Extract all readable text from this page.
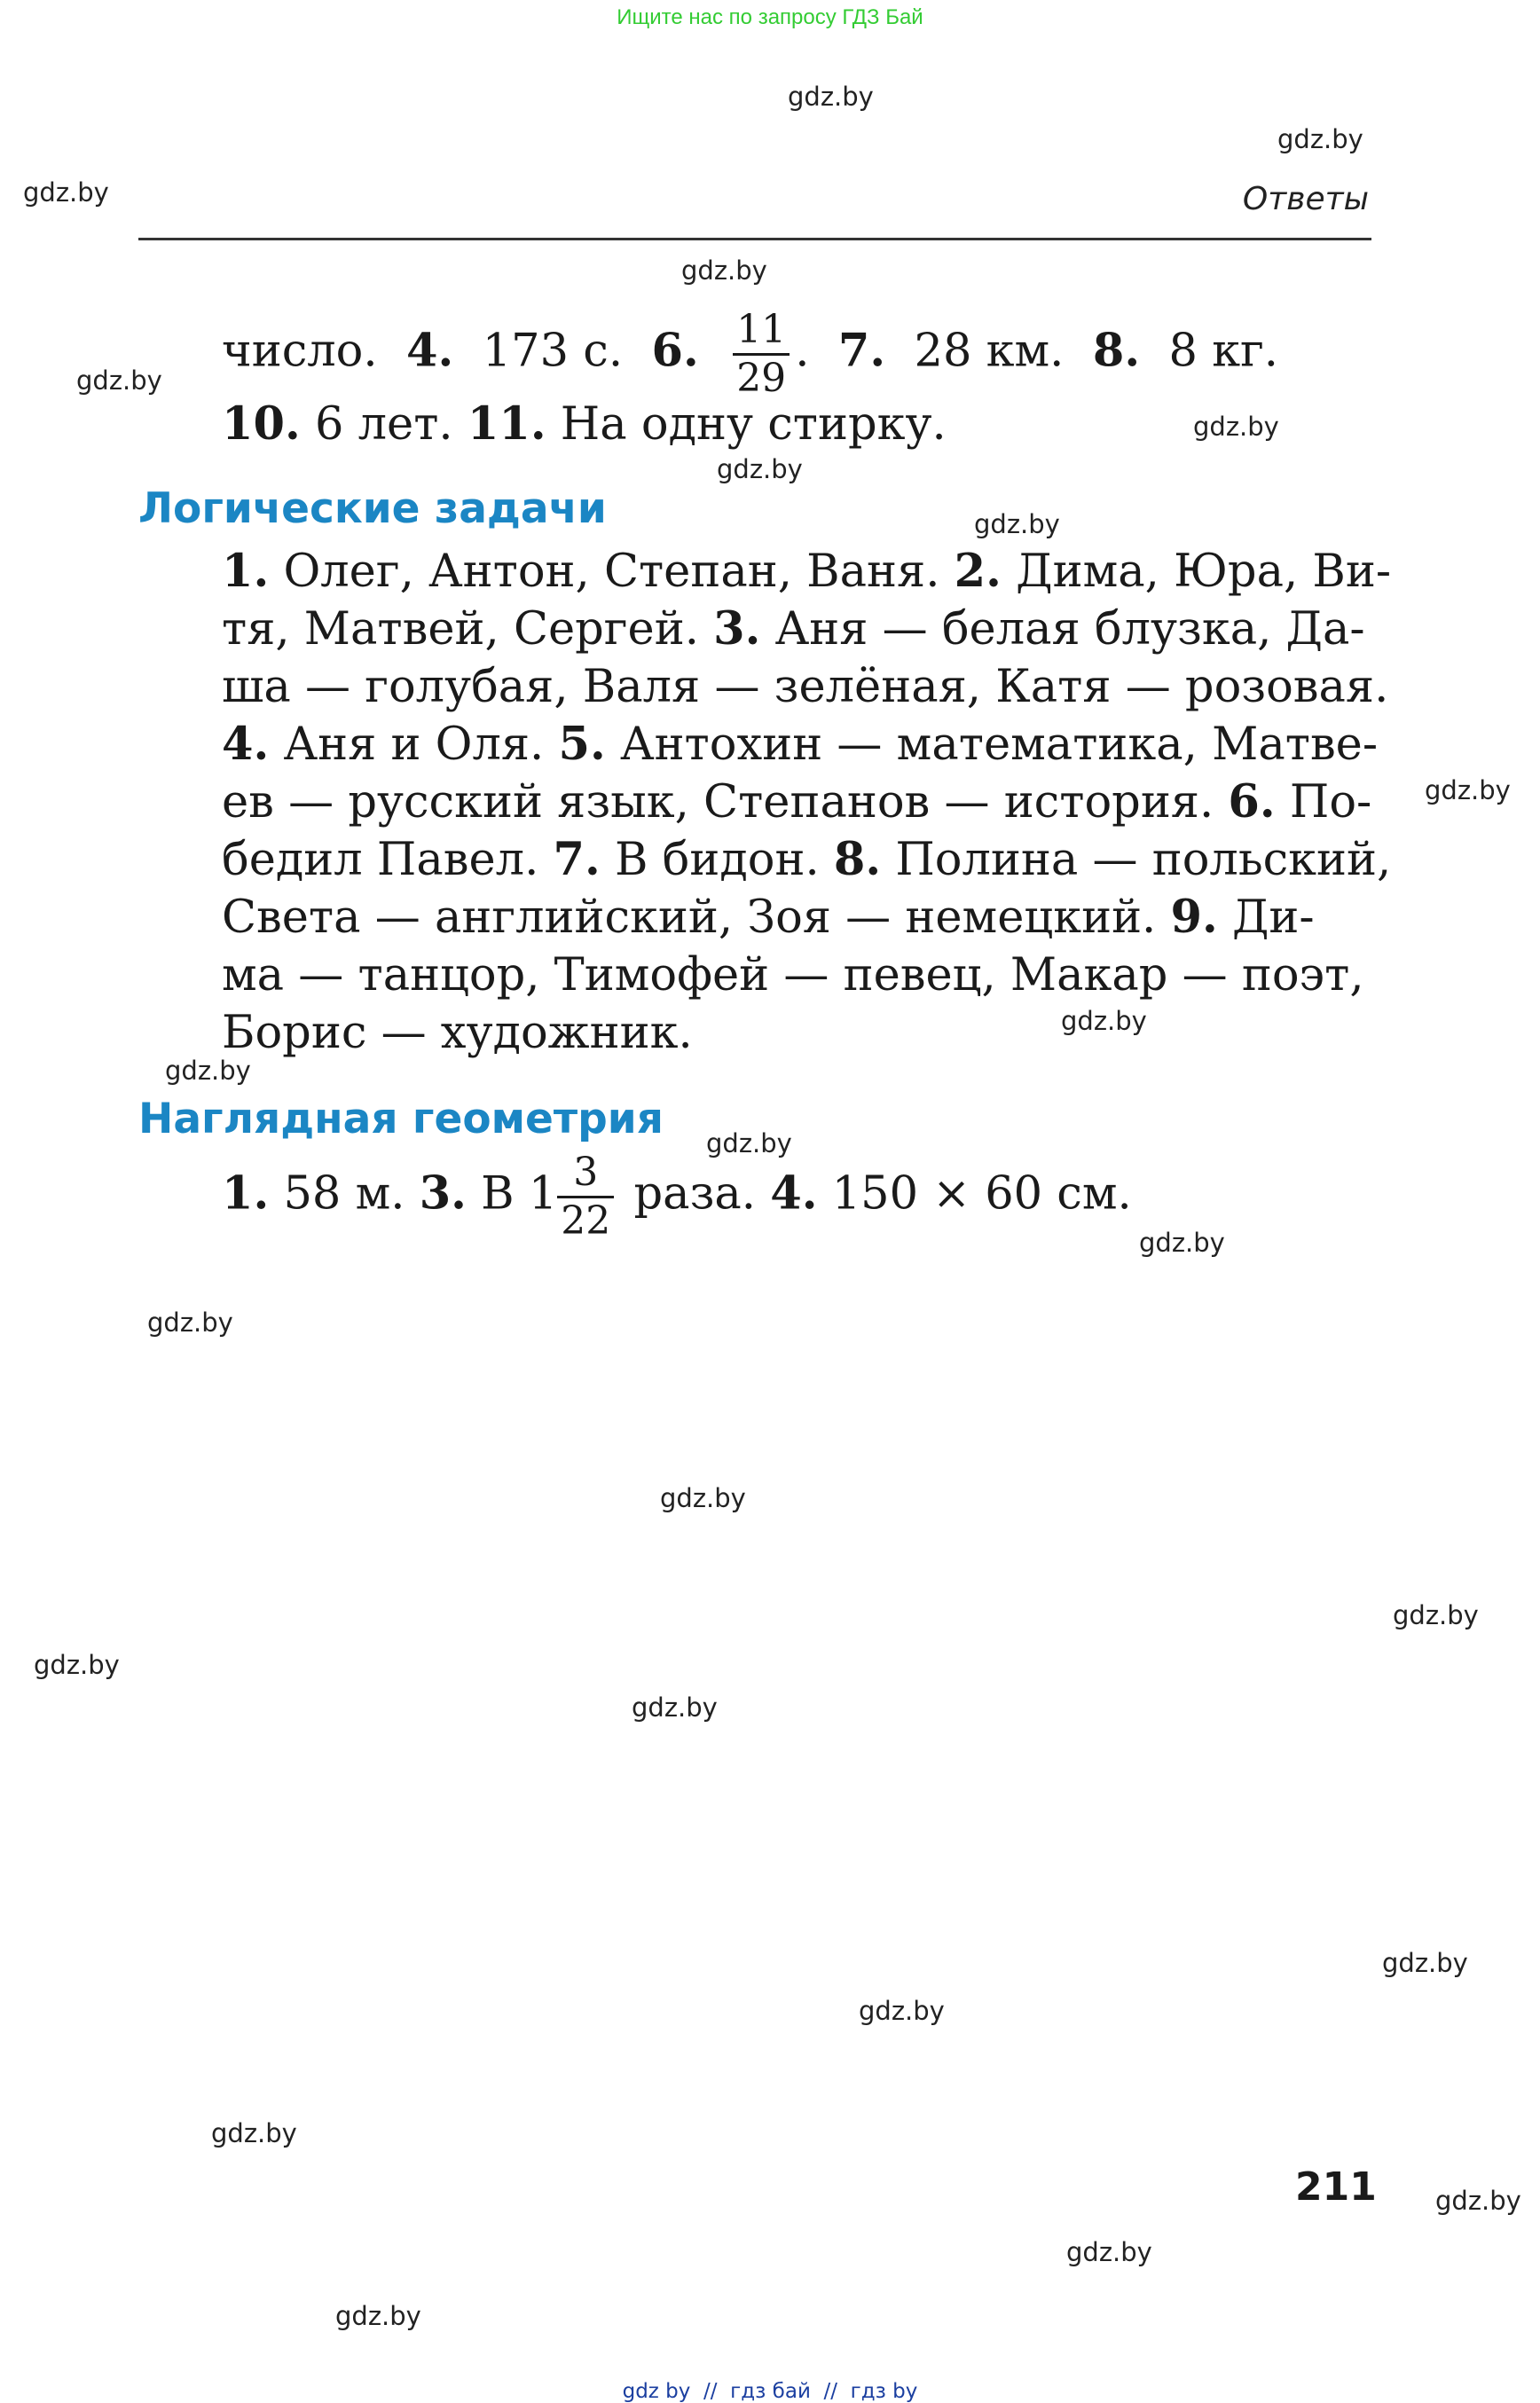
Ищите нас по запросу ГДЗ Бай
gdz.by
gdz.by
gdz.by
gdz.by
gdz.by
gdz.by
gdz.by
gdz.by
gdz.by
gdz.by
gdz.by
gdz.by
gdz.by
gdz.by
gdz.by
gdz.by
gdz.by
gdz.by
gdz.by
gdz.by
gdz.by
gdz.by
gdz.by
gdz.by
Ответы
число. 4. 173 с. 6. $\frac{11}{29}$ . 7. 28 км. 8. 8 кг.
10. 6 лет. 11. На одну стирку.
Логические задачи
1. Олег, Антон, Степан, Ваня. 2. Дима, Юра, Ви-
тя, Матвей, Сергей. 3. Аня — белая блузка, Да-
ша — голубая, Валя — зелёная, Катя — розовая.
4. Аня и Оля. 5. Антохин — математика, Матве-
ев — русский язык, Степанов — история. 6. По-
бедил Павел. 7. В бидон. 8. Полина — польский,
Света — английский, Зоя — немецкий. 9. Ди-
ма — танцор, Тимофей — певец, Макар — поэт,
Борис — художник.
Наглядная геометрия
1. 58 м. 3. В $1 \frac{3}{22}$ раза. 4. 150 × 60 см.
211
gdz by // гдз бай // гдз by
